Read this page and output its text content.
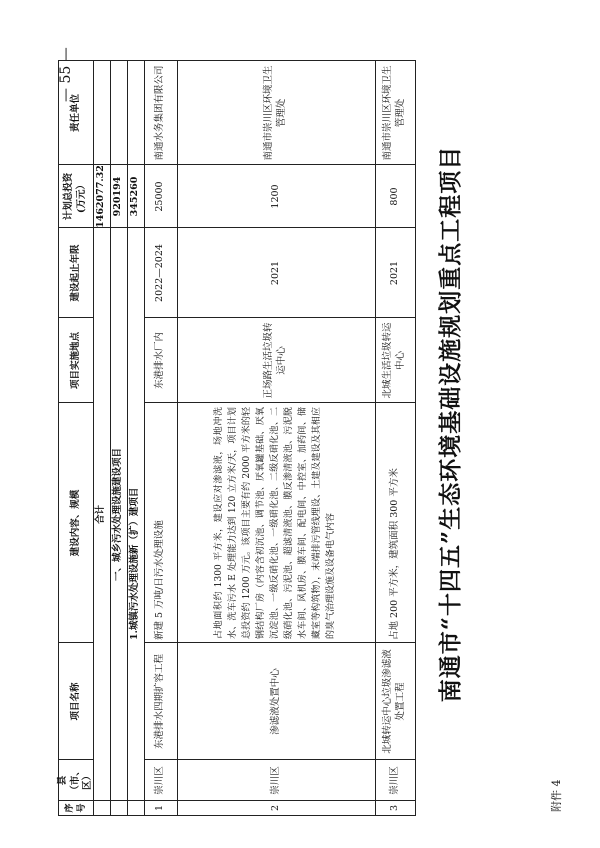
附件 4
南通市“十四五”生态环境基础设施规划重点工程项目
— 55 —
序号
县（市、区）
项目名称
建设内容、规模
项目实施地点
建设起止年限
计划总投资(万元）
责任单位
合计
1462077.32
一、城乡污水处理设施建设项目
920194
1.城镇污水处理设施新（扩）建项目
345260
1
崇川区
东港排水四期扩容工程
新建 5 万吨/日污水处理设施
东港排水厂内
2022—2024
25000
南通水务集团有限公司
2
崇川区
渗滤液处置中心
占地面积约 1300 平方米，建设应对渗滤液，场地冲洗水、洗车污水 E 处理能力达到 120 立方米/天，项目计划总投资约 1200 万元。该项目主要有约 2000 平方米的轻钢结构厂房（内容含初沉池、调节池、厌氧罐基础、厌氧沉淀池、一级反硝化池、一级硝化池、二级反硝化池、二级硝化池、污泥池、超滤清液池、膜反渗清液池、污泥脱水车间、风机房、膜车间、配电间、中控室、加药间、储藏室等构筑物），末端排污管线埋设、土建及建设及其相应的臭气治理设施及设备电气内容
正场路生活垃圾转运中心
2021
1200
南通市崇川区环境卫生管理处
3
崇川区
北城转运中心垃圾渗滤液处置工程
占地 200 平方米，建筑面积 300 平方米
北城生活垃圾转运中心
2021
800
南通市崇川区环境卫生管理处
